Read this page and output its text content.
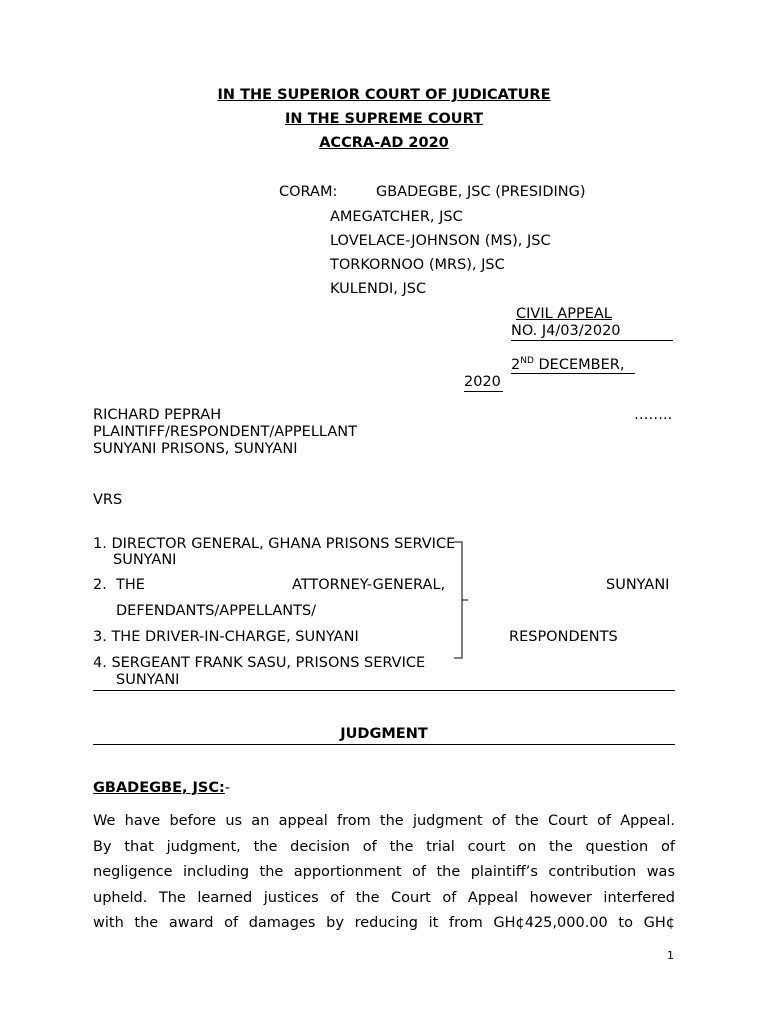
IN THE SUPERIOR COURT OF JUDICATURE
IN THE SUPREME COURT
ACCRA-AD 2020
CORAM:	GBADEGBE, JSC (PRESIDING)
AMEGATCHER, JSC
LOVELACE-JOHNSON (MS), JSC
TORKORNOO (MRS), JSC
KULENDI, JSC
CIVIL APPEAL
NO. J4/03/2020
2ND DECEMBER,
2020
RICHARD PEPRAH	……..
PLAINTIFF/RESPONDENT/APPELLANT
SUNYANI PRISONS, SUNYANI
VRS
1. DIRECTOR GENERAL, GHANA PRISONS SERVICE
SUNYANI
2. THE	ATTORNEY-GENERAL,	SUNYANI
DEFENDANTS/APPELLANTS/
3. THE DRIVER-IN-CHARGE, SUNYANI	RESPONDENTS
4. SERGEANT FRANK SASU, PRISONS SERVICE
SUNYANI
JUDGMENT
GBADEGBE, JSC:-
We have before us an appeal from the judgment of the Court of Appeal.
By that judgment, the decision of the trial court on the question of
negligence including the apportionment of the plaintiff’s contribution was
upheld. The learned justices of the Court of Appeal however interfered
with the award of damages by reducing it from GH¢425,000.00 to GH¢
1
